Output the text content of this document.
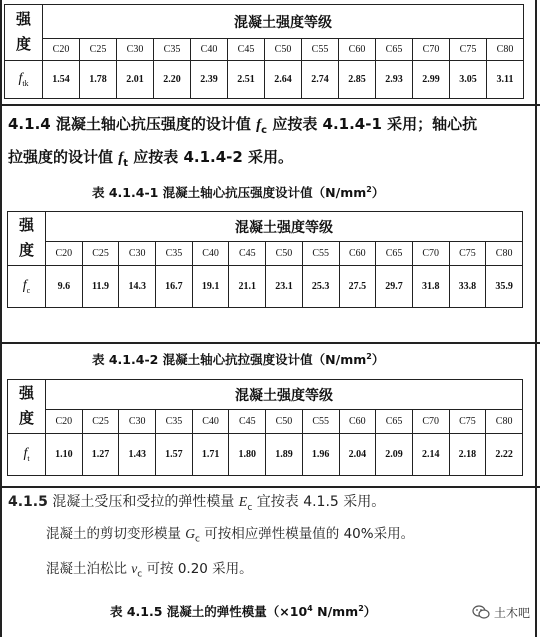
强
度	混凝土强度等级												
	C20	C25	C30	C35	C40	C45	C50	C55	C60	C65	C70	C75	C80
$f_{tk}$	1.54	1.78	2.01	2.20	2.39	2.51	2.64	2.74	2.85	2.93	2.99	3.05	3.11
4.1.4 混凝土轴心抗压强度的设计值 $f_c$ 应按表 4.1.4-1 采用；轴心抗
拉强度的设计值 $f_t$ 应按表 4.1.4-2 采用。
表 4.1.4-1 混凝土轴心抗压强度设计值$(N/mm^2)$
强
度	混凝土强度等级												
	C20	C25	C30	C35	C40	C45	C50	C55	C60	C65	C70	C75	C80
$f_c$	9.6	11.9	14.3	16.7	19.1	21.1	23.1	25.3	27.5	29.7	31.8	33.8	35.9
表 4.1.4-2 混凝土轴心抗拉强度设计值$(N/mm^2)$
强
度	混凝土强度等级												
	C20	C25	C30	C35	C40	C45	C50	C55	C60	C65	C70	C75	C80
$f_t$	1.10	1.27	1.43	1.57	1.71	1.80	1.89	1.96	2.04	2.09	2.14	2.18	2.22
4.1.5 混凝土受压和受拉的弹性模量 $E_c$ 宜按表 4.1.5 采用。
混凝土的剪切变形模量 $G_c$ 可按相应弹性模量值的 40%采用。
混凝土泊松比 $v_c$ 可按 0.20 采用。
表 4.1.5 混凝土的弹性模量（$\times 10^4$ $N/mm^2$）	土木吧
